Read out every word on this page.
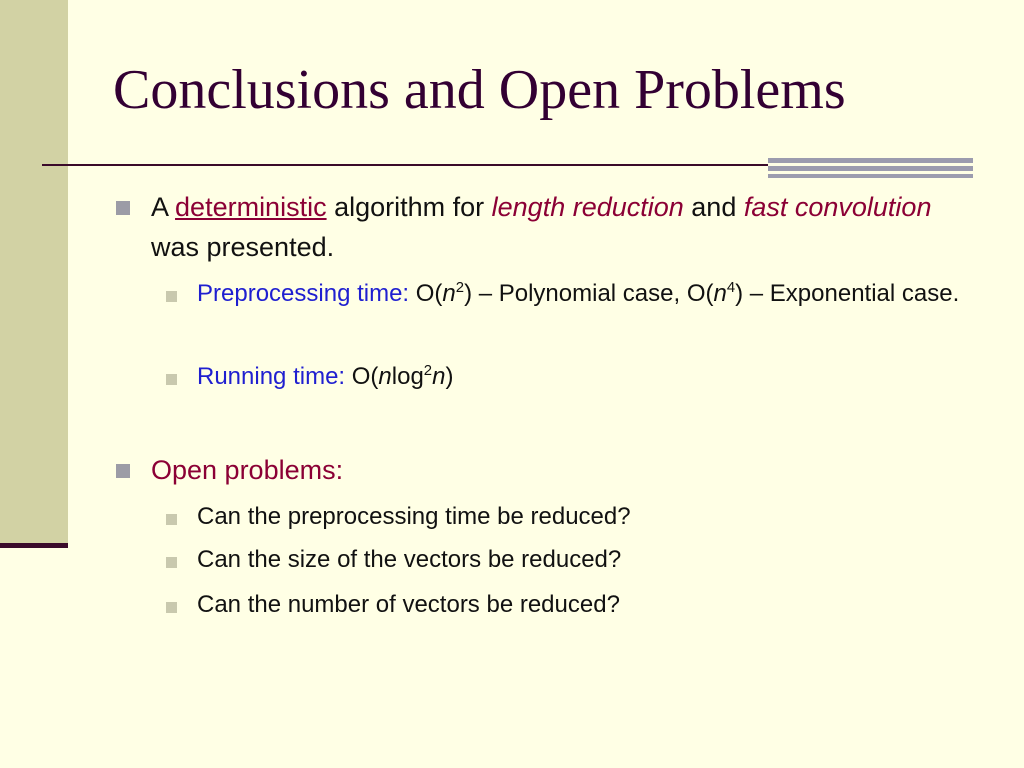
Conclusions and Open Problems
A deterministic algorithm for length reduction and fast convolution was presented.
Preprocessing time: $O(n^2)$ – Polynomial case, $O(n^4)$ – Exponential case.
Running time: O(nlog$^2$n)
Open problems:
Can the preprocessing time be reduced?
Can the size of the vectors be reduced?
Can the number of vectors be reduced?
